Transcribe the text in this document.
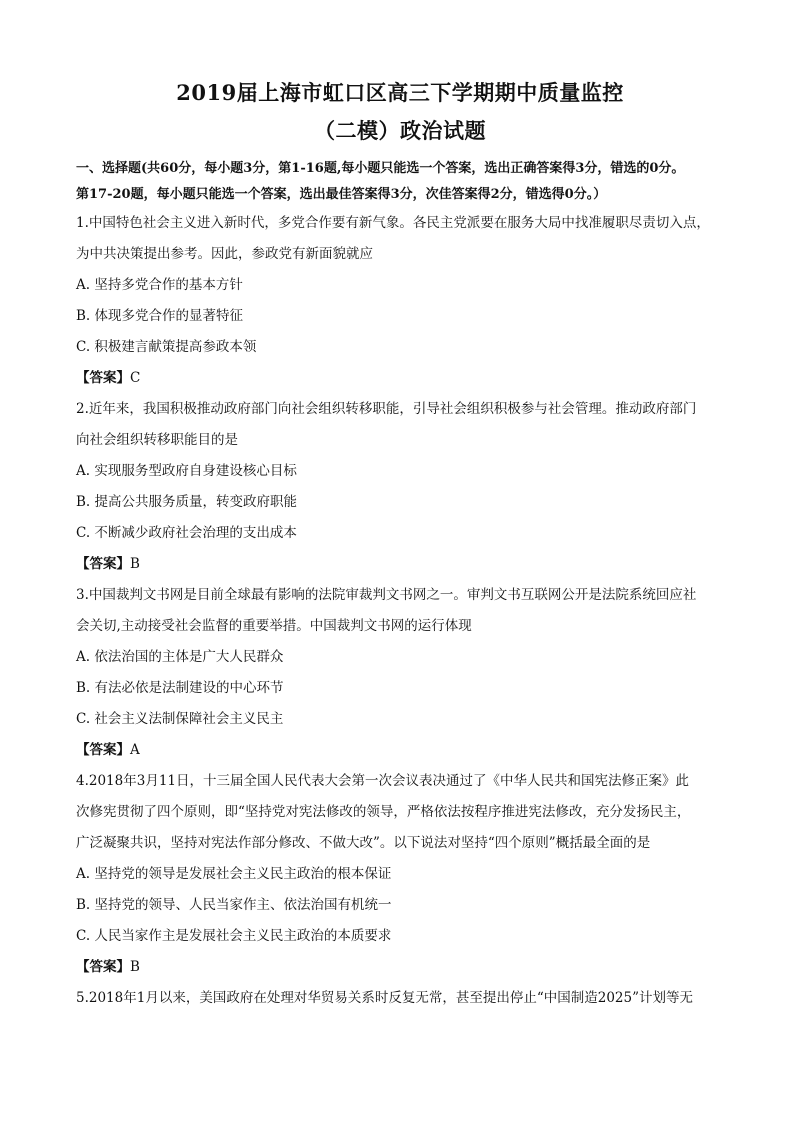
2019届上海市虹口区高三下学期期中质量监控
（二模）政治试题

一、选择题(共60分，每小题3分，第1-16题,每小题只能选一个答案，选出正确答案得3分，错选的0分。

第17-20题，每小题只能选一个答案，选出最佳答案得3分，次佳答案得2分，错选得0分。）

1.中国特色社会主义进入新时代，多党合作要有新气象。各民主党派要在服务大局中找准履职尽责切入点，

为中共决策提出参考。因此，参政党有新面貌就应

A. 坚持多党合作的基本方针

B. 体现多党合作的显著特征

C. 积极建言献策提高参政本领

【答案】C

2.近年来，我国积极推动政府部门向社会组织转移职能，引导社会组织积极参与社会管理。推动政府部门

向社会组织转移职能目的是

A. 实现服务型政府自身建设核心目标

B. 提高公共服务质量，转变政府职能

C. 不断减少政府社会治理的支出成本

【答案】B

3.中国裁判文书网是目前全球最有影响的法院审裁判文书网之一。审判文书互联网公开是法院系统回应社

会关切,主动接受社会监督的重要举措。中国裁判文书网的运行体现

A. 依法治国的主体是广大人民群众

B. 有法必依是法制建设的中心环节

C. 社会主义法制保障社会主义民主

【答案】A

4.2018年3月11日，十三届全国人民代表大会第一次会议表决通过了《中华人民共和国宪法修正案》此

次修宪贯彻了四个原则，即“坚持党对宪法修改的领导，严格依法按程序推进宪法修改，充分发扬民主，

广泛凝聚共识，坚持对宪法作部分修改、不做大改”。以下说法对坚持“四个原则”概括最全面的是

A. 坚持党的领导是发展社会主义民主政治的根本保证

B. 坚持党的领导、人民当家作主、依法治国有机统一

C. 人民当家作主是发展社会主义民主政治的本质要求

【答案】B

5.2018年1月以来，美国政府在处理对华贸易关系时反复无常，甚至提出停止“中国制造2025”计划等无
